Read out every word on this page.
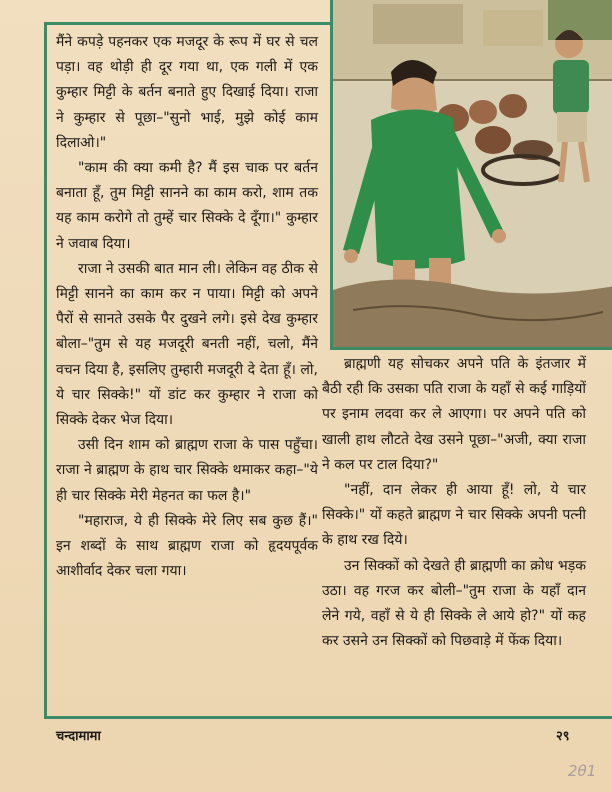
मैंने कपड़े पहनकर एक मजदूर के रूप में घर से चल पड़ा। वह थोड़ी ही दूर गया था, एक गली में एक कुम्हार मिट्टी के बर्तन बनाते हुए दिखाई दिया। राजा ने कुम्हार से पूछा–"सुनो भाई, मुझे कोई काम दिलाओ।"

"काम की क्या कमी है? मैं इस चाक पर बर्तन बनाता हूँ, तुम मिट्टी सानने का काम करो, शाम तक यह काम करोगे तो तुम्हें चार सिक्के दे दूँगा।" कुम्हार ने जवाब दिया।

राजा ने उसकी बात मान ली। लेकिन वह ठीक से मिट्टी सानने का काम कर न पाया। मिट्टी को अपने पैरों से सानते उसके पैर दुखने लगे। इसे देख कुम्हार बोला–"तुम से यह मजदूरी बनती नहीं, चलो, मैंने वचन दिया है, इसलिए तुम्हारी मजदूरी दे देता हूँ। लो, ये चार सिक्के!" यों डांट कर कुम्हार ने राजा को सिक्के देकर भेज दिया।

उसी दिन शाम को ब्राह्मण राजा के पास पहुँचा। राजा ने ब्राह्मण के हाथ चार सिक्के थमाकर कहा–"ये ही चार सिक्के मेरी मेहनत का फल है।"

"महाराज, ये ही सिक्के मेरे लिए सब कुछ हैं।" इन शब्दों के साथ ब्राह्मण राजा को हृदयपूर्वक आशीर्वाद देकर चला गया।

ब्राह्मणी यह सोचकर अपने पति के इंतजार में बैठी रही कि उसका पति राजा के यहाँ से कई गाड़ियों पर इनाम लदवा कर ले आएगा। पर अपने पति को खाली हाथ लौटते देख उसने पूछा–"अजी, क्या राजा ने कल पर टाल दिया?"

"नहीं, दान लेकर ही आया हूँ! लो, ये चार सिक्के।" यों कहते ब्राह्मण ने चार सिक्के अपनी पत्नी के हाथ रख दिये।

उन सिक्कों को देखते ही ब्राह्मणी का क्रोध भड़क उठा। वह गरज कर बोली–"तुम राजा के यहाँ दान लेने गये, वहाँ से ये ही सिक्के ले आये हो?" यों कह कर उसने उन सिक्कों को पिछवाड़े में फेंक दिया।

चन्दामामा	२९
2θ1
